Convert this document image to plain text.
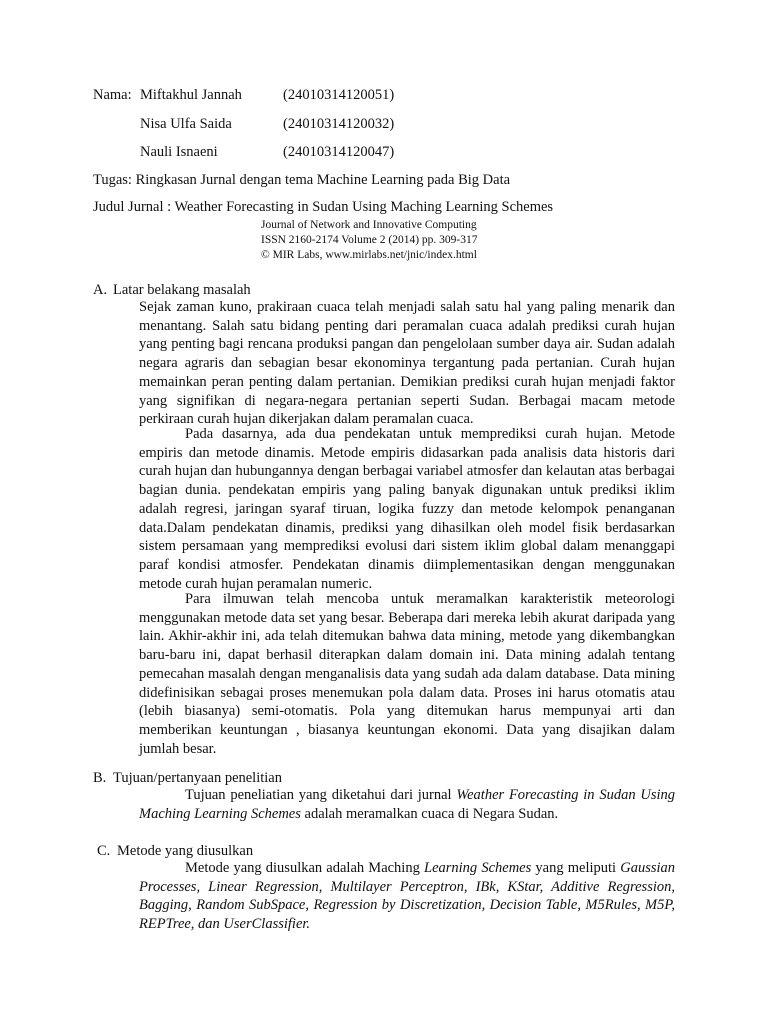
Nama: Miftakhul Jannah	(24010314120051)
Nisa Ulfa Saida	(24010314120032)
Nauli Isnaeni	(24010314120047)
Tugas: Ringkasan Jurnal dengan tema Machine Learning pada Big Data
Judul Jurnal : Weather Forecasting in Sudan Using Maching Learning Schemes
Journal of Network and Innovative Computing
ISSN 2160-2174 Volume 2 (2014) pp. 309-317
© MIR Labs, www.mirlabs.net/jnic/index.html
A. Latar belakang masalah

Sejak zaman kuno, prakiraan cuaca telah menjadi salah satu hal yang paling menarik dan menantang. Salah satu bidang penting dari peramalan cuaca adalah prediksi curah hujan yang penting bagi rencana produksi pangan dan pengelolaan sumber daya air. Sudan adalah negara agraris dan sebagian besar ekonominya tergantung pada pertanian. Curah hujan memainkan peran penting dalam pertanian. Demikian prediksi curah hujan menjadi faktor yang signifikan di negara-negara pertanian seperti Sudan. Berbagai macam metode perkiraan curah hujan dikerjakan dalam peramalan cuaca.

Pada dasarnya, ada dua pendekatan untuk memprediksi curah hujan. Metode empiris dan metode dinamis. Metode empiris didasarkan pada analisis data historis dari curah hujan dan hubungannya dengan berbagai variabel atmosfer dan kelautan atas berbagai bagian dunia. pendekatan empiris yang paling banyak digunakan untuk prediksi iklim adalah regresi, jaringan syaraf tiruan, logika fuzzy dan metode kelompok penanganan data.Dalam pendekatan dinamis, prediksi yang dihasilkan oleh model fisik berdasarkan sistem persamaan yang memprediksi evolusi dari sistem iklim global dalam menanggapi paraf kondisi atmosfer. Pendekatan dinamis diimplementasikan dengan menggunakan metode curah hujan peramalan numeric.

Para ilmuwan telah mencoba untuk meramalkan karakteristik meteorologi menggunakan metode data set yang besar. Beberapa dari mereka lebih akurat daripada yang lain. Akhir-akhir ini, ada telah ditemukan bahwa data mining, metode yang dikembangkan baru-baru ini, dapat berhasil diterapkan dalam domain ini. Data mining adalah tentang pemecahan masalah dengan menganalisis data yang sudah ada dalam database. Data mining didefinisikan sebagai proses menemukan pola dalam data. Proses ini harus otomatis atau (lebih biasanya) semi-otomatis. Pola yang ditemukan harus mempunyai arti dan memberikan keuntungan , biasanya keuntungan ekonomi. Data yang disajikan dalam jumlah besar.

B. Tujuan/pertanyaan penelitian

Tujuan peneliatian yang diketahui dari jurnal Weather Forecasting in Sudan Using Maching Learning Schemes adalah meramalkan cuaca di Negara Sudan.

C. Metode yang diusulkan

Metode yang diusulkan adalah Maching Learning Schemes yang meliputi Gaussian Processes, Linear Regression, Multilayer Perceptron, IBk, KStar, Additive Regression, Bagging, Random SubSpace, Regression by Discretization, Decision Table, M5Rules, M5P, REPTree, dan UserClassifier.
